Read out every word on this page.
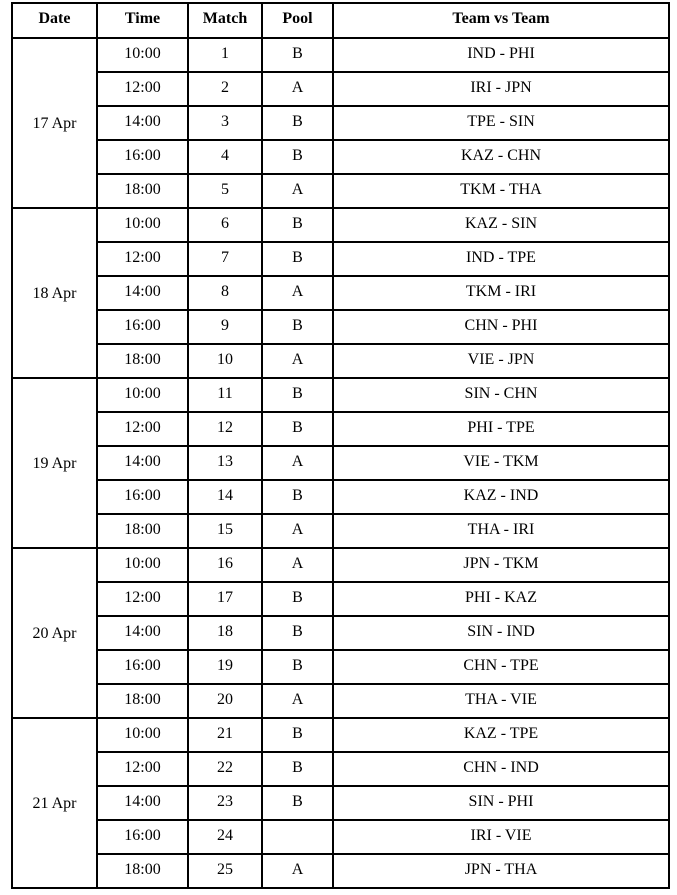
Date	Time	Match	Pool	Team vs Team
17 Apr	10:00	1	B	IND - PHI
	12:00	2	A	IRI - JPN
	14:00	3	B	TPE - SIN
	16:00	4	B	KAZ - CHN
	18:00	5	A	TKM - THA
18 Apr	10:00	6	B	KAZ - SIN
	12:00	7	B	IND - TPE
	14:00	8	A	TKM - IRI
	16:00	9	B	CHN - PHI
	18:00	10	A	VIE - JPN
19 Apr	10:00	11	B	SIN - CHN
	12:00	12	B	PHI - TPE
	14:00	13	A	VIE - TKM
	16:00	14	B	KAZ - IND
	18:00	15	A	THA - IRI
20 Apr	10:00	16	A	JPN - TKM
	12:00	17	B	PHI - KAZ
	14:00	18	B	SIN - IND
	16:00	19	B	CHN - TPE
	18:00	20	A	THA - VIE
21 Apr	10:00	21	B	KAZ - TPE
	12:00	22	B	CHN - IND
	14:00	23	B	SIN - PHI
	16:00	24		IRI - VIE
	18:00	25	A	JPN - THA
